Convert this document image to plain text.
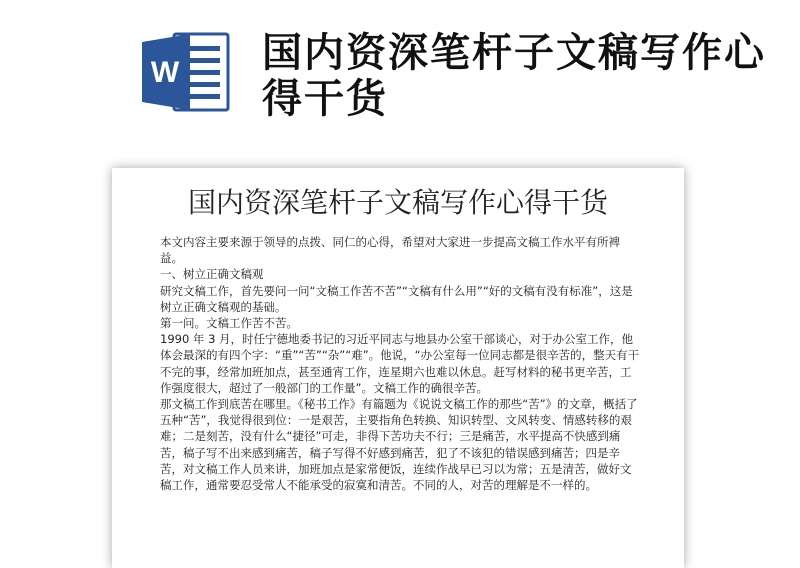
W 国内资深笔杆子文稿写作心得干货
国内资深笔杆子文稿写作心得干货

本文内容主要来源于领导的点拨、同仁的心得，希望对大家进一步提高文稿工作水平有所裨益。

一、树立正确文稿观

研究文稿工作，首先要问一问“文稿工作苦不苦”“文稿有什么用”“好的文稿有没有标准”，这是树立正确文稿观的基础。

第一问。文稿工作苦不苦。

1990 年 3 月，时任宁德地委书记的习近平同志与地县办公室干部谈心，对于办公室工作，他体会最深的有四个字：“重”“苦”“杂”“难”。他说，“办公室每一位同志都是很辛苦的，整天有干不完的事，经常加班加点，甚至通宵工作，连星期六也难以休息。赶写材料的秘书更辛苦，工作强度很大，超过了一般部门的工作量”。文稿工作的确很辛苦。

那文稿工作到底苦在哪里。《秘书工作》有篇题为《说说文稿工作的那些“苦”》的文章，概括了五种“苦”，我觉得很到位：一是艰苦，主要指角色转换、知识转型、文风转变、情感转移的艰难；二是刻苦，没有什么“捷径”可走，非得下苦功夫不行；三是痛苦，水平提高不快感到痛苦，稿子写不出来感到痛苦，稿子写得不好感到痛苦，犯了不该犯的错误感到痛苦；四是辛苦，对文稿工作人员来讲，加班加点是家常便饭，连续作战早已习以为常；五是清苦，做好文稿工作，通常要忍受常人不能承受的寂寞和清苦。不同的人，对苦的理解是不一样的。
